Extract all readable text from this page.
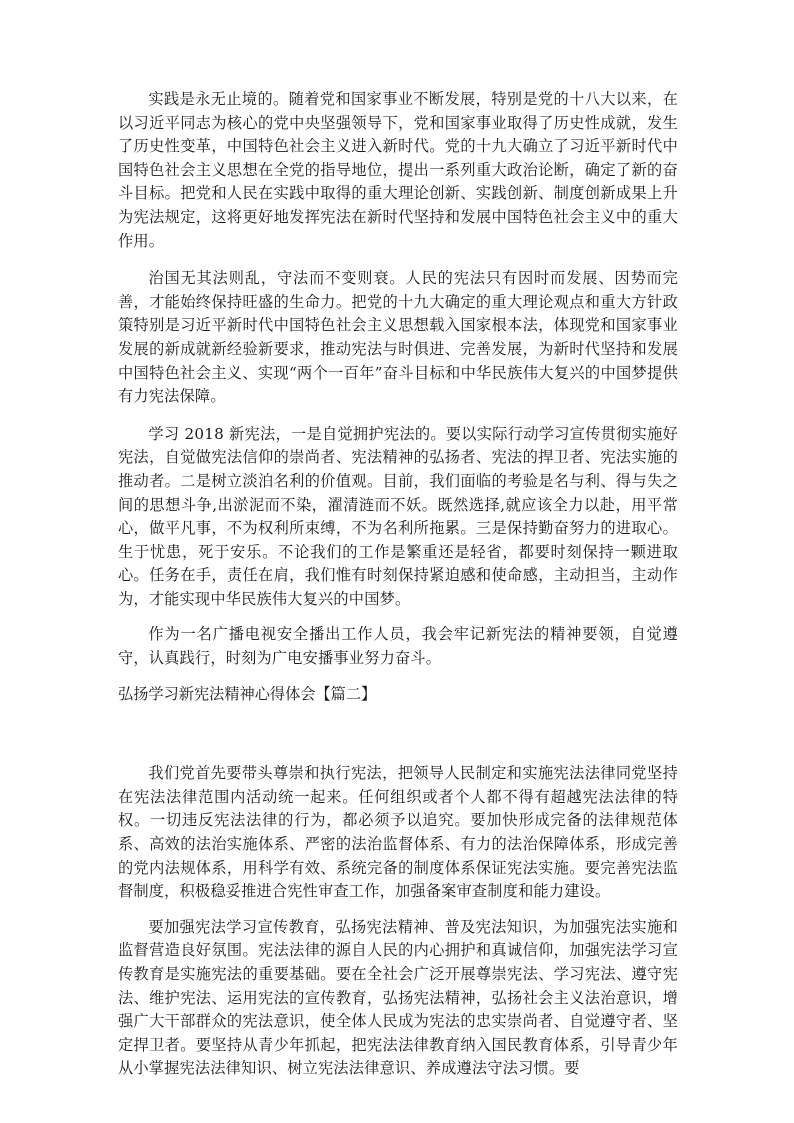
实践是永无止境的。随着党和国家事业不断发展，特别是党的十八大以来，在以习近平同志为核心的党中央坚强领导下，党和国家事业取得了历史性成就，发生了历史性变革，中国特色社会主义进入新时代。党的十九大确立了习近平新时代中国特色社会主义思想在全党的指导地位，提出一系列重大政治论断，确定了新的奋斗目标。把党和人民在实践中取得的重大理论创新、实践创新、制度创新成果上升为宪法规定，这将更好地发挥宪法在新时代坚持和发展中国特色社会主义中的重大作用。

治国无其法则乱，守法而不变则衰。人民的宪法只有因时而发展、因势而完善，才能始终保持旺盛的生命力。把党的十九大确定的重大理论观点和重大方针政策特别是习近平新时代中国特色社会主义思想载入国家根本法，体现党和国家事业发展的新成就新经验新要求，推动宪法与时俱进、完善发展，为新时代坚持和发展中国特色社会主义、实现“两个一百年”奋斗目标和中华民族伟大复兴的中国梦提供有力宪法保障。

学习 2018 新宪法，一是自觉拥护宪法的。要以实际行动学习宣传贯彻实施好宪法，自觉做宪法信仰的崇尚者、宪法精神的弘扬者、宪法的捍卫者、宪法实施的推动者。二是树立淡泊名利的价值观。目前，我们面临的考验是名与利、得与失之间的思想斗争,出淤泥而不染，濯清涟而不妖。既然选择,就应该全力以赴，用平常心，做平凡事，不为权利所束缚，不为名利所拖累。三是保持勤奋努力的进取心。生于忧患，死于安乐。不论我们的工作是繁重还是轻省，都要时刻保持一颗进取心。任务在手，责任在肩，我们惟有时刻保持紧迫感和使命感，主动担当，主动作为，才能实现中华民族伟大复兴的中国梦。

作为一名广播电视安全播出工作人员，我会牢记新宪法的精神要领，自觉遵守，认真践行，时刻为广电安播事业努力奋斗。

弘扬学习新宪法精神心得体会【篇二】

我们党首先要带头尊崇和执行宪法，把领导人民制定和实施宪法法律同党坚持在宪法法律范围内活动统一起来。任何组织或者个人都不得有超越宪法法律的特权。一切违反宪法法律的行为，都必须予以追究。要加快形成完备的法律规范体系、高效的法治实施体系、严密的法治监督体系、有力的法治保障体系，形成完善的党内法规体系，用科学有效、系统完备的制度体系保证宪法实施。要完善宪法监督制度，积极稳妥推进合宪性审查工作，加强备案审查制度和能力建设。

要加强宪法学习宣传教育，弘扬宪法精神、普及宪法知识，为加强宪法实施和监督营造良好氛围。宪法法律的源自人民的内心拥护和真诚信仰，加强宪法学习宣传教育是实施宪法的重要基础。要在全社会广泛开展尊崇宪法、学习宪法、遵守宪法、维护宪法、运用宪法的宣传教育，弘扬宪法精神，弘扬社会主义法治意识，增强广大干部群众的宪法意识，使全体人民成为宪法的忠实崇尚者、自觉遵守者、坚定捍卫者。要坚持从青少年抓起，把宪法法律教育纳入国民教育体系，引导青少年从小掌握宪法法律知识、树立宪法法律意识、养成遵法守法习惯。要
